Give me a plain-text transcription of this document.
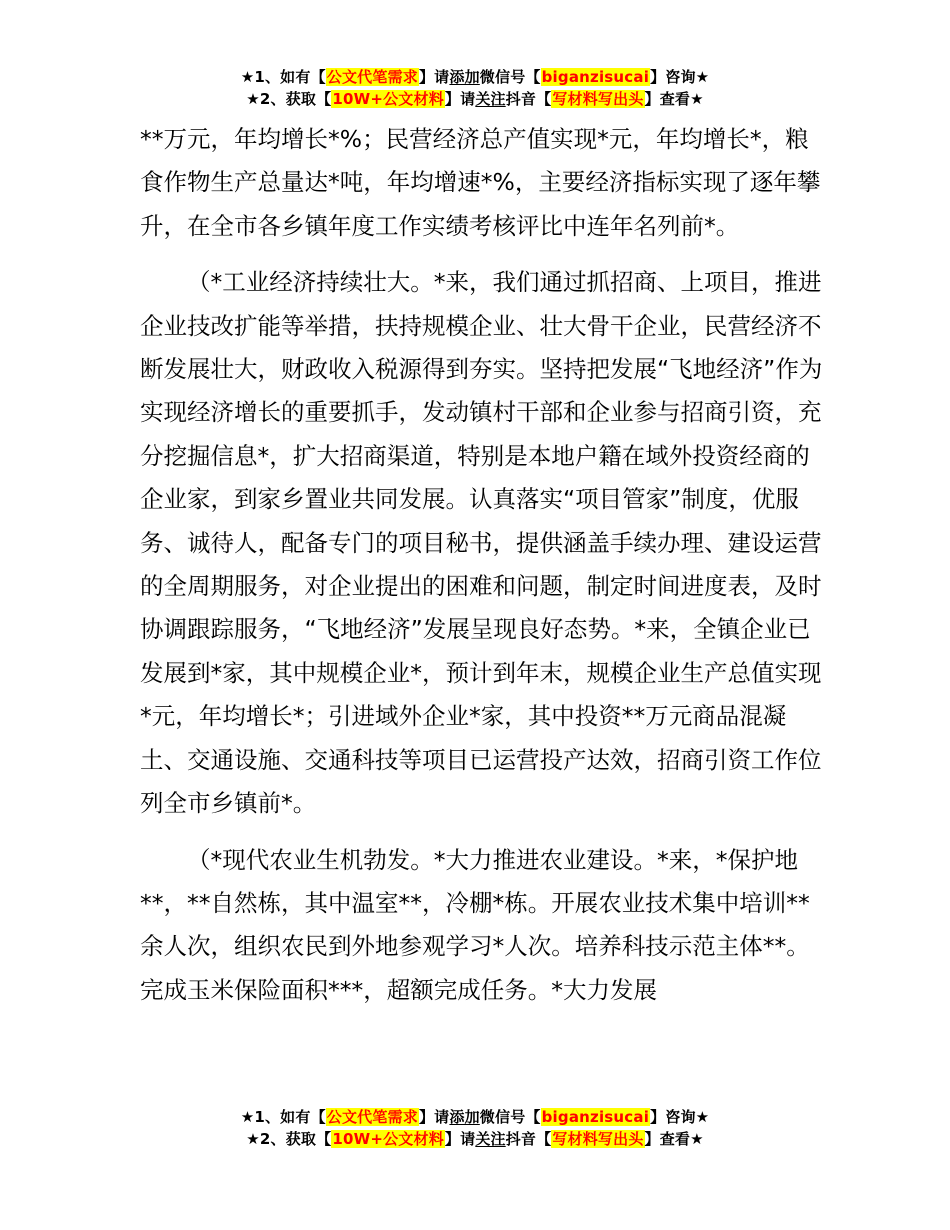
★1、如有【公文代笔需求】请添加微信号【biganzisucai】咨询★
★2、获取【10W+公文材料】请关注抖音【写材料写出头】查看★

**万元，年均增长*%；民营经济总产值实现*元，年均增长*，粮食作物生产总量达*吨，年均增速*%，主要经济指标实现了逐年攀升，在全市各乡镇年度工作实绩考核评比中连年名列前*。

（*工业经济持续壮大。*来，我们通过抓招商、上项目，推进企业技改扩能等举措，扶持规模企业、壮大骨干企业，民营经济不断发展壮大，财政收入税源得到夯实。坚持把发展“飞地经济”作为实现经济增长的重要抓手，发动镇村干部和企业参与招商引资，充分挖掘信息*，扩大招商渠道，特别是本地户籍在域外投资经商的企业家，到家乡置业共同发展。认真落实“项目管家”制度，优服务、诚待人，配备专门的项目秘书，提供涵盖手续办理、建设运营的全周期服务，对企业提出的困难和问题，制定时间进度表，及时协调跟踪服务，“飞地经济”发展呈现良好态势。*来，全镇企业已发展到*家，其中规模企业*，预计到年末，规模企业生产总值实现*元，年均增长*；引进域外企业*家，其中投资**万元商品混凝土、交通设施、交通科技等项目已运营投产达效，招商引资工作位列全市乡镇前*。

（*现代农业生机勃发。*大力推进农业建设。*来，*保护地**，**自然栋，其中温室**，冷棚*栋。开展农业技术集中培训**余人次，组织农民到外地参观学习*人次。培养科技示范主体**。完成玉米保险面积***，超额完成任务。*大力发展

★1、如有【公文代笔需求】请添加微信号【biganzisucai】咨询★
★2、获取【10W+公文材料】请关注抖音【写材料写出头】查看★
